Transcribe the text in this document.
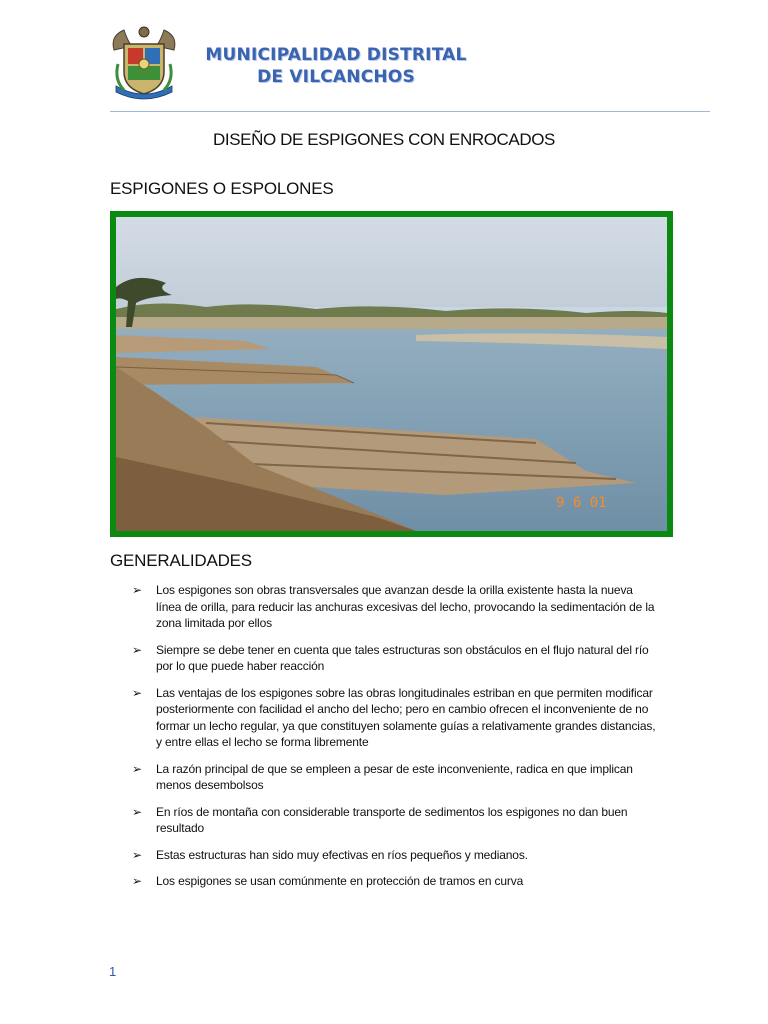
MUNICIPALIDAD DISTRITAL
DE VILCANCHOS
DISEÑO DE ESPIGONES CON ENROCADOS
ESPIGONES O ESPOLONES
9 6 01
GENERALIDADES
➢ Los espigones son obras transversales que avanzan desde la orilla existente hasta la nueva línea de orilla, para reducir las anchuras excesivas del lecho, provocando la sedimentación de la zona limitada por ellos
➢ Siempre se debe tener en cuenta que tales estructuras son obstáculos en el flujo natural del río por lo que puede haber reacción
➢ Las ventajas de los espigones sobre las obras longitudinales estriban en que permiten modificar posteriormente con facilidad el ancho del lecho; pero en cambio ofrecen el inconveniente de no formar un lecho regular, ya que constituyen solamente guías a relativamente grandes distancias, y entre ellas el lecho se forma libremente
➢ La razón principal de que se empleen a pesar de este inconveniente, radica en que implican menos desembolsos
➢ En ríos de montaña con considerable transporte de sedimentos los espigones no dan buen resultado
➢ Estas estructuras han sido muy efectivas en ríos pequeños y medianos.
➢ Los espigones se usan comúnmente en protección de tramos en curva
1
